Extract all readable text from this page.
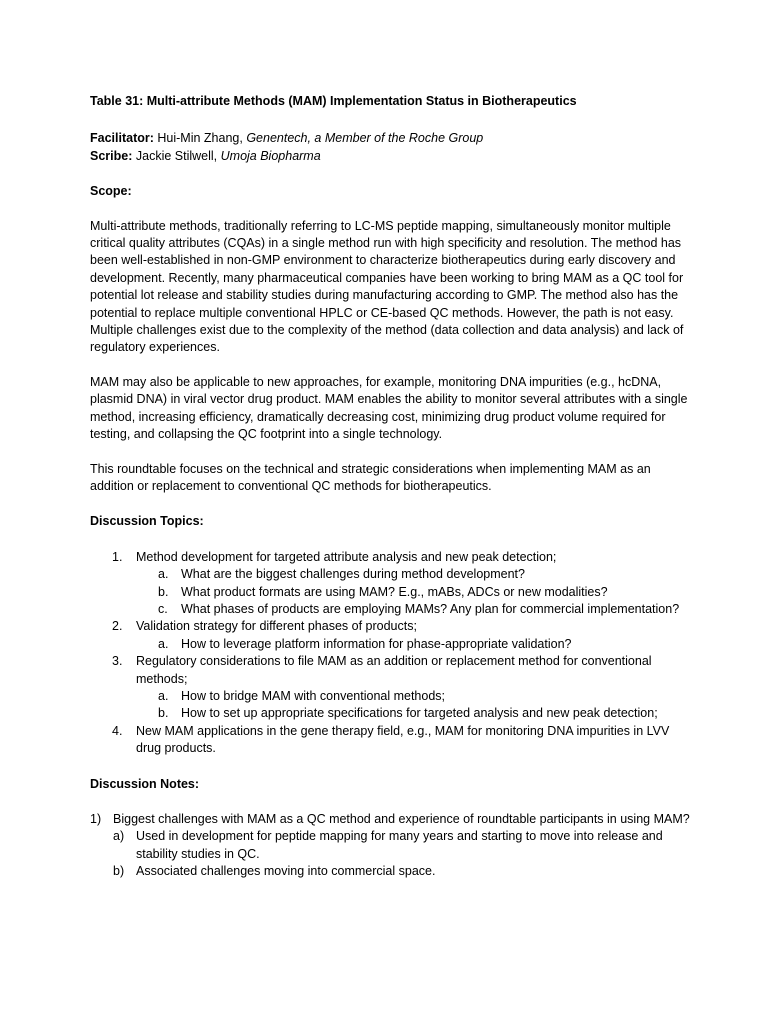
Table 31: Multi-attribute Methods (MAM) Implementation Status in Biotherapeutics

Facilitator: Hui-Min Zhang, Genentech, a Member of the Roche Group

Scribe: Jackie Stilwell, Umoja Biopharma

Scope:

Multi-attribute methods, traditionally referring to LC-MS peptide mapping, simultaneously monitor multiple critical quality attributes (CQAs) in a single method run with high specificity and resolution. The method has been well-established in non-GMP environment to characterize biotherapeutics during early discovery and development. Recently, many pharmaceutical companies have been working to bring MAM as a QC tool for potential lot release and stability studies during manufacturing according to GMP. The method also has the potential to replace multiple conventional HPLC or CE-based QC methods. However, the path is not easy. Multiple challenges exist due to the complexity of the method (data collection and data analysis) and lack of regulatory experiences.

MAM may also be applicable to new approaches, for example, monitoring DNA impurities (e.g., hcDNA, plasmid DNA) in viral vector drug product. MAM enables the ability to monitor several attributes with a single method, increasing efficiency, dramatically decreasing cost, minimizing drug product volume required for testing, and collapsing the QC footprint into a single technology.

This roundtable focuses on the technical and strategic considerations when implementing MAM as an addition or replacement to conventional QC methods for biotherapeutics.

Discussion Topics:

1. Method development for targeted attribute analysis and new peak detection;
a. What are the biggest challenges during method development?
b. What product formats are using MAM? E.g., mABs, ADCs or new modalities?
c. What phases of products are employing MAMs? Any plan for commercial implementation?
2. Validation strategy for different phases of products;
a. How to leverage platform information for phase-appropriate validation?
3. Regulatory considerations to file MAM as an addition or replacement method for conventional methods;
a. How to bridge MAM with conventional methods;
b. How to set up appropriate specifications for targeted analysis and new peak detection;
4. New MAM applications in the gene therapy field, e.g., MAM for monitoring DNA impurities in LVV drug products.

Discussion Notes:

1) Biggest challenges with MAM as a QC method and experience of roundtable participants in using MAM?
a) Used in development for peptide mapping for many years and starting to move into release and stability studies in QC.
b) Associated challenges moving into commercial space.
